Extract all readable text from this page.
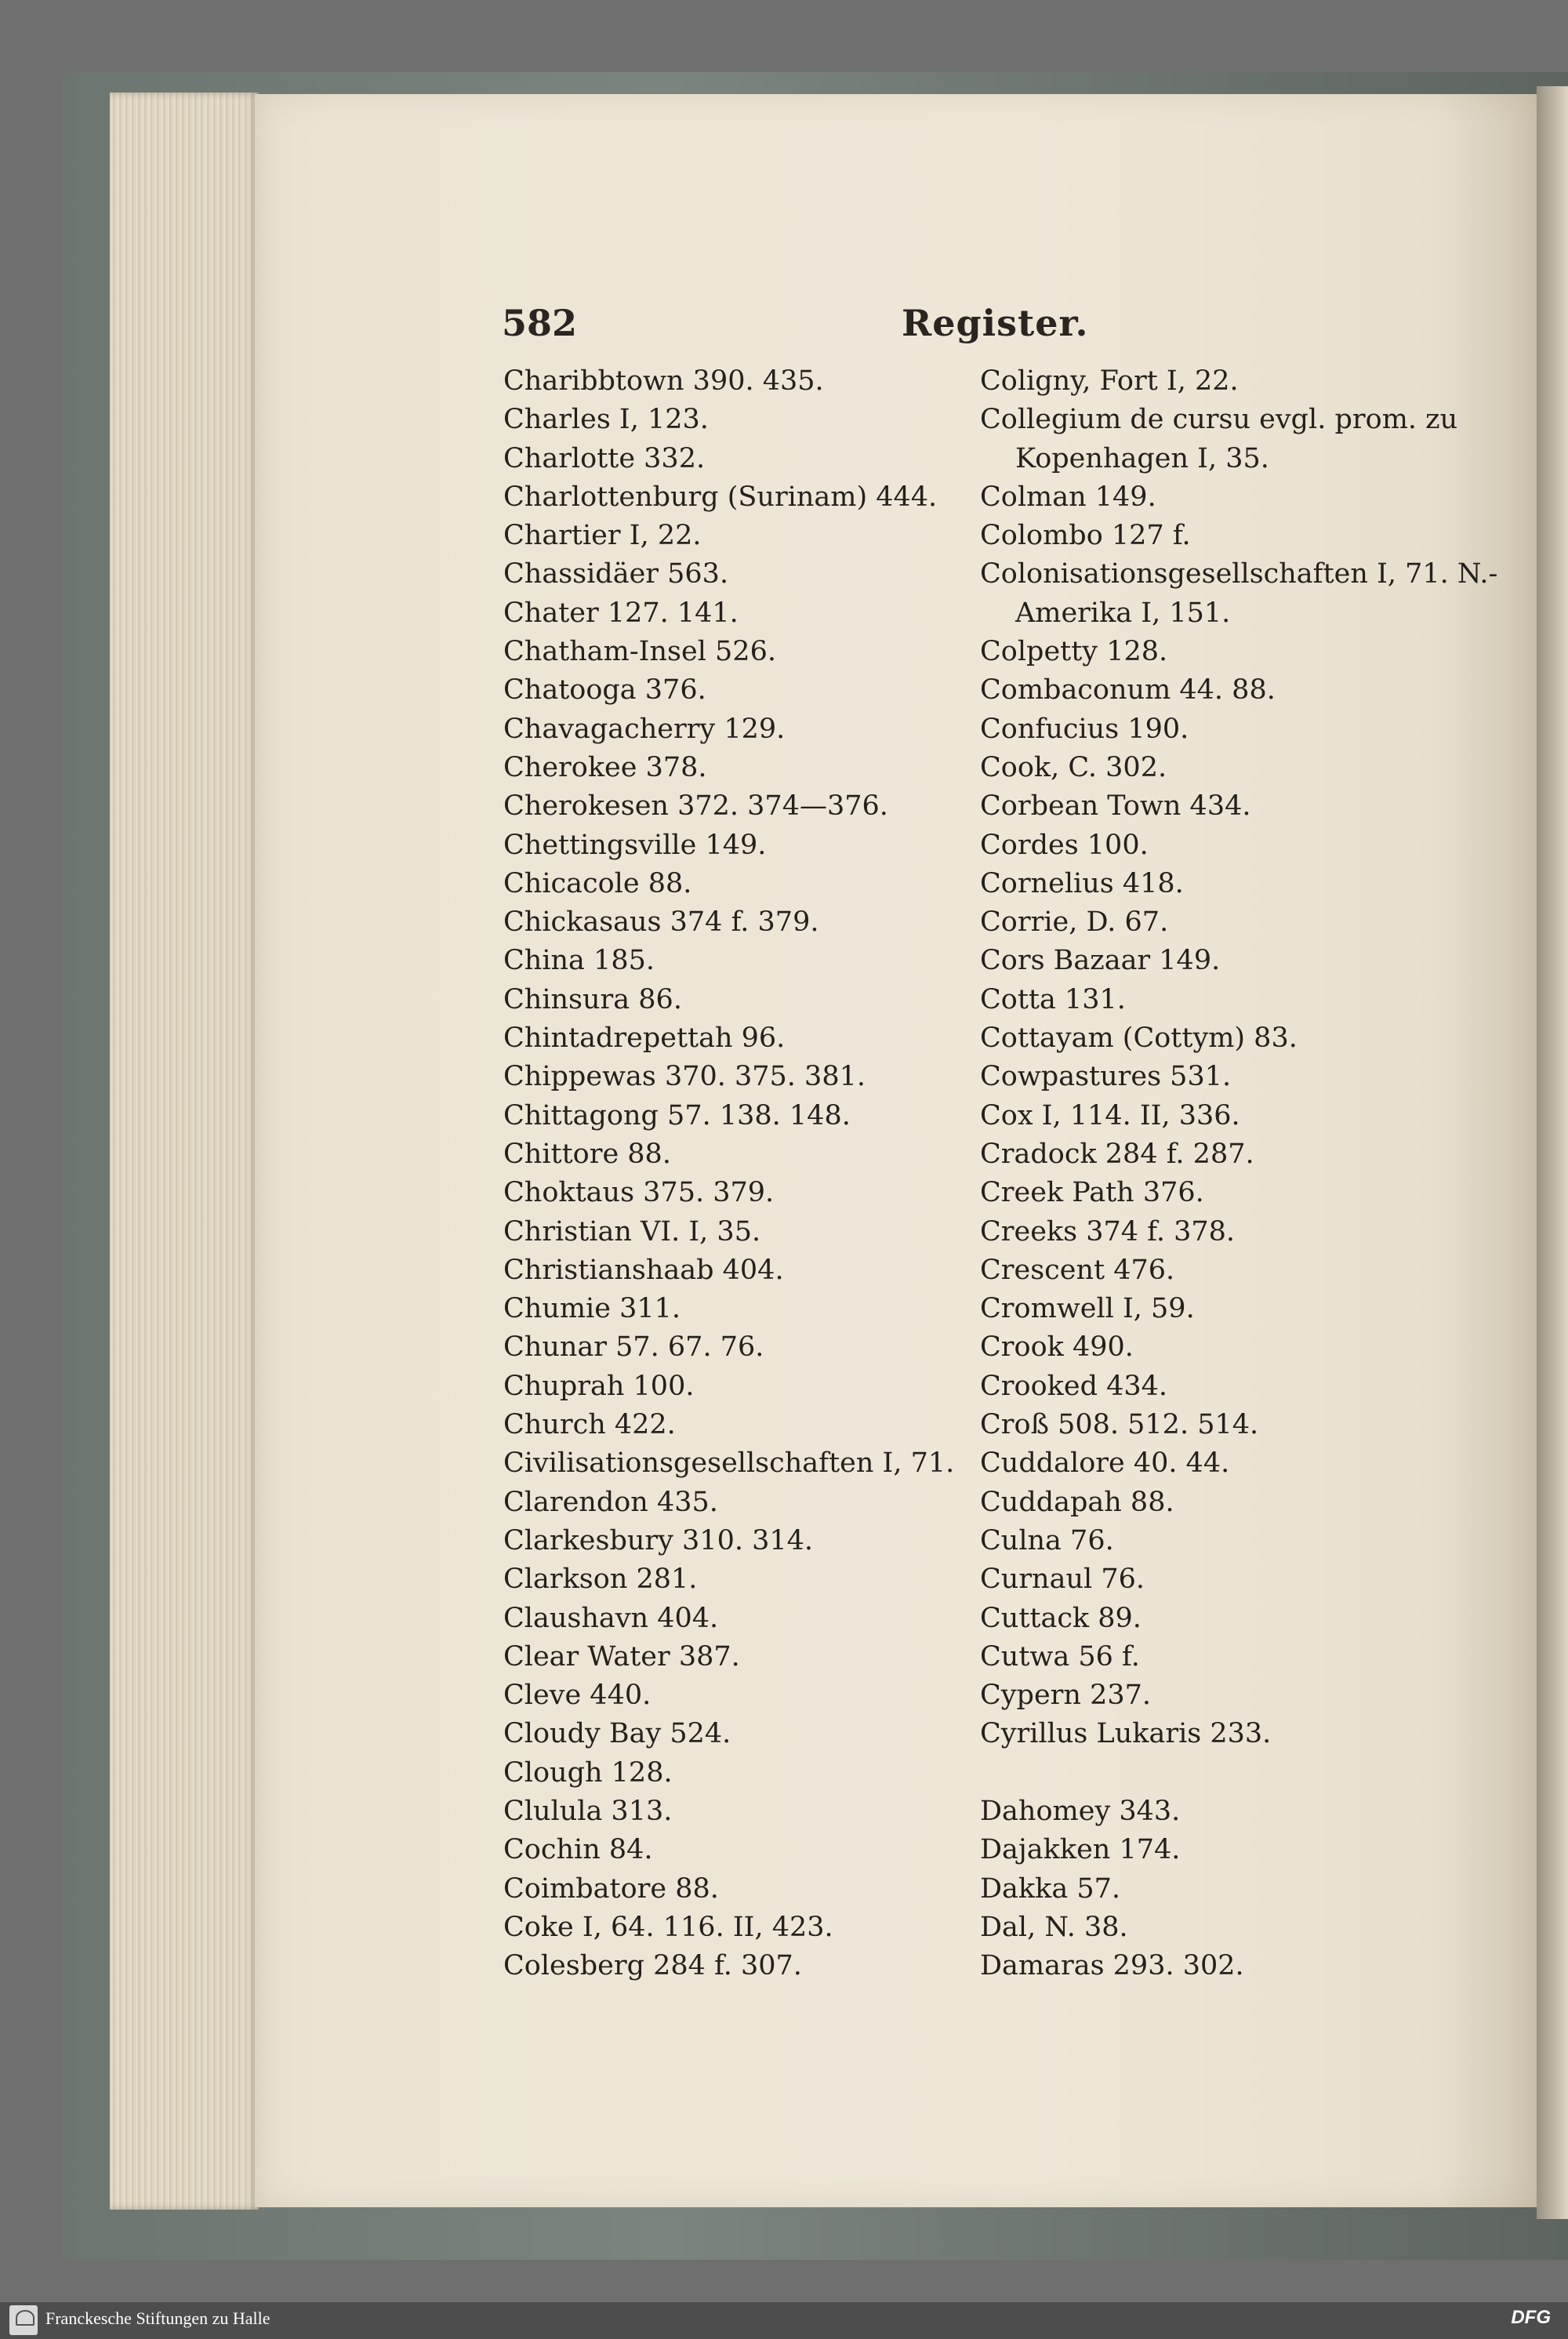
582	Register.
Charibbtown 390. 435.
Charles I, 123.
Charlotte 332.
Charlottenburg (Surinam) 444.
Chartier I, 22.
Chassidäer 563.
Chater 127. 141.
Chatham-Insel 526.
Chatooga 376.
Chavagacherry 129.
Cherokee 378.
Cherokesen 372. 374—376.
Chettingsville 149.
Chicacole 88.
Chickasaus 374 f. 379.
China 185.
Chinsura 86.
Chintadrepettah 96.
Chippewas 370. 375. 381.
Chittagong 57. 138. 148.
Chittore 88.
Choktaus 375. 379.
Christian VI. I, 35.
Christianshaab 404.
Chumie 311.
Chunar 57. 67. 76.
Chuprah 100.
Church 422.
Civilisationsgesellschaften I, 71.
Clarendon 435.
Clarkesbury 310. 314.
Clarkson 281.
Claushavn 404.
Clear Water 387.
Cleve 440.
Cloudy Bay 524.
Clough 128.
Clulula 313.
Cochin 84.
Coimbatore 88.
Coke I, 64. 116. II, 423.
Colesberg 284 f. 307.
Coligny, Fort I, 22.
Collegium de cursu evgl. prom. zu
Kopenhagen I, 35.
Colman 149.
Colombo 127 f.
Colonisationsgesellschaften I, 71. N.-
Amerika I, 151.
Colpetty 128.
Combaconum 44. 88.
Confucius 190.
Cook, C. 302.
Corbean Town 434.
Cordes 100.
Cornelius 418.
Corrie, D. 67.
Cors Bazaar 149.
Cotta 131.
Cottayam (Cottym) 83.
Cowpastures 531.
Cox I, 114. II, 336.
Cradock 284 f. 287.
Creek Path 376.
Creeks 374 f. 378.
Crescent 476.
Cromwell I, 59.
Crook 490.
Crooked 434.
Croß 508. 512. 514.
Cuddalore 40. 44.
Cuddapah 88.
Culna 76.
Curnaul 76.
Cuttack 89.
Cutwa 56 f.
Cypern 237.
Cyrillus Lukaris 233.
Dahomey 343.
Dajakken 174.
Dakka 57.
Dal, N. 38.
Damaras 293. 302.
Franckesche Stiftungen zu Halle	DFG
